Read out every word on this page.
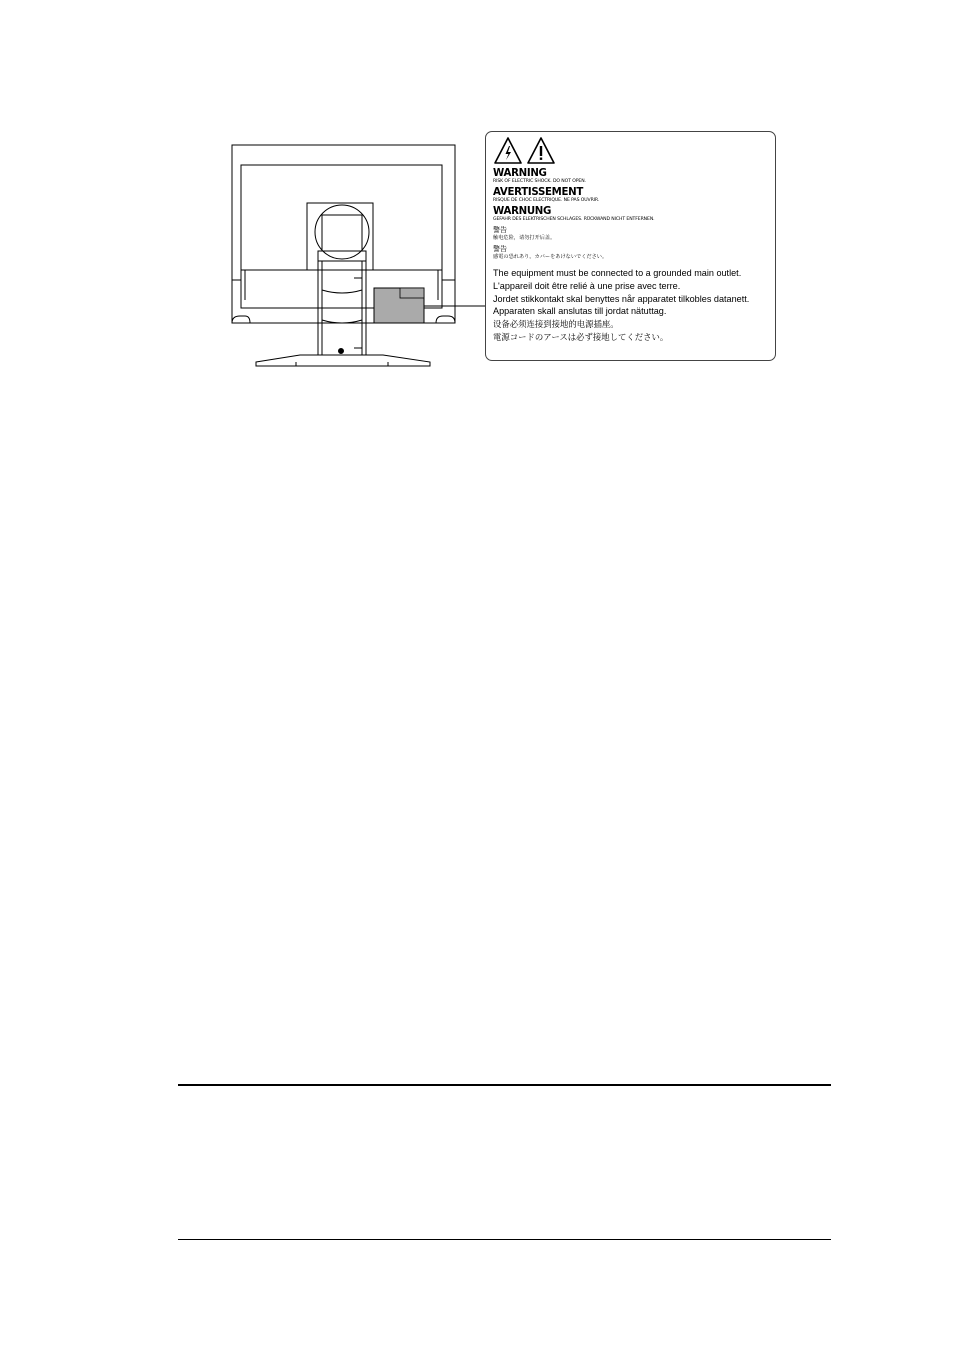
WARNING
RISK OF ELECTRIC SHOCK. DO NOT OPEN.
AVERTISSEMENT
RISQUE DE CHOC ELECTRIQUE. NE PAS OUVRIR.
WARNUNG
GEFAHR DES ELEKTRISCHEN SCHLAGES. RÜCKWAND NICHT ENTFERNEN.
警告
触电危险，请勿打开后盖。
警告
感電の恐れあり。カバーをあけないでください。
The equipment must be connected to a grounded main outlet.
L'appareil doit être relié à une prise avec terre.
Jordet stikkontakt skal benyttes når apparatet tilkobles datanett.
Apparaten skall anslutas till jordat nätuttag.
设备必须连接到接地的电源插座。
電源コードのアースは必ず接地してください。
